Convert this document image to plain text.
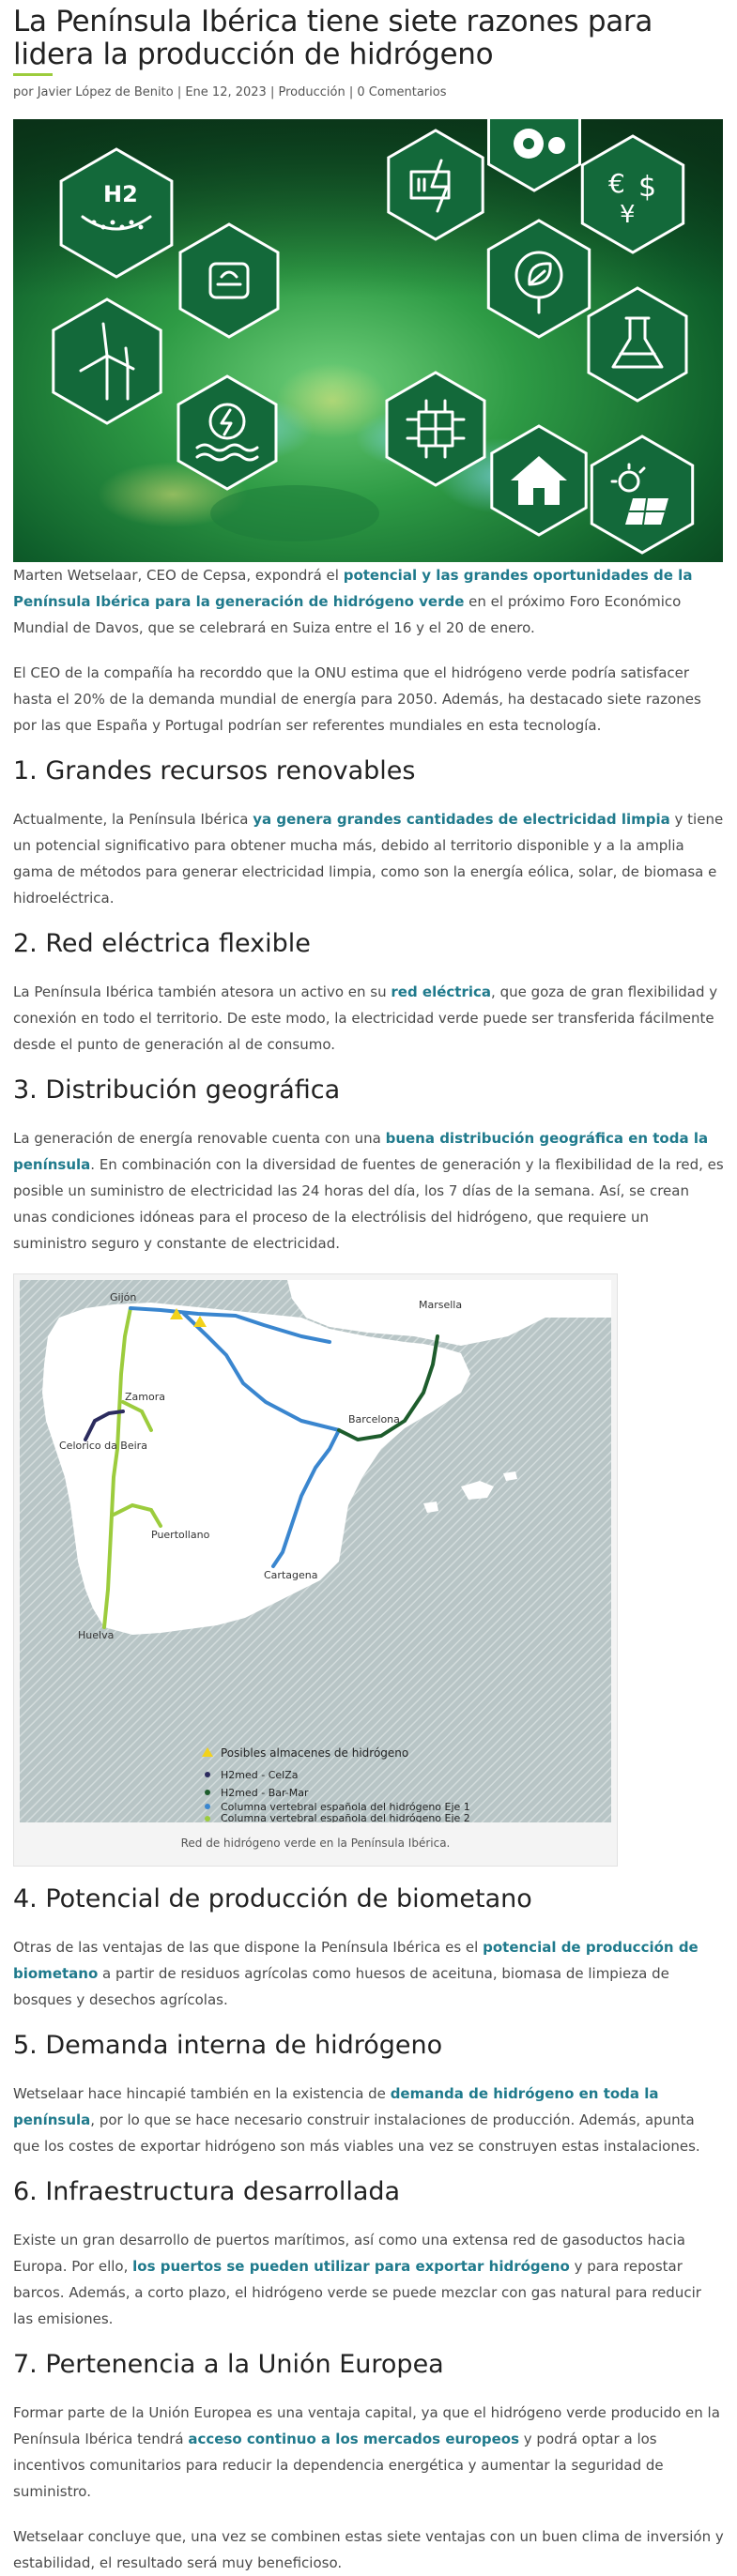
La Península Ibérica tiene siete razones para lidera la producción de hidrógeno
por Javier López de Benito | Ene 12, 2023 | Producción | 0 Comentarios
H2	€ $
¥

Marten Wetselaar, CEO de Cepsa, expondrá el potencial y las grandes oportunidades de la Península Ibérica para la generación de hidrógeno verde en el próximo Foro Económico Mundial de Davos, que se celebrará en Suiza entre el 16 y el 20 de enero.

El CEO de la compañía ha recorddo que la ONU estima que el hidrógeno verde podría satisfacer hasta el 20% de la demanda mundial de energía para 2050. Además, ha destacado siete razones por las que España y Portugal podrían ser referentes mundiales en esta tecnología.

1. Grandes recursos renovables

Actualmente, la Península Ibérica ya genera grandes cantidades de electricidad limpia y tiene un potencial significativo para obtener mucha más, debido al territorio disponible y a la amplia gama de métodos para generar electricidad limpia, como son la energía eólica, solar, de biomasa e hidroeléctrica.

2. Red eléctrica flexible

La Península Ibérica también atesora un activo en su red eléctrica, que goza de gran flexibilidad y conexión en todo el territorio. De este modo, la electricidad verde puede ser transferida fácilmente desde el punto de generación al de consumo.

3. Distribución geográfica

La generación de energía renovable cuenta con una buena distribución geográfica en toda la península. En combinación con la diversidad de fuentes de generación y la flexibilidad de la red, es posible un suministro de electricidad las 24 horas del día, los 7 días de la semana. Así, se crean unas condiciones idóneas para el proceso de la electrólisis del hidrógeno, que requiere un suministro seguro y constante de electricidad.

Gijón
Marsella
Zamora
Celorico da Beira
Barcelona
Puertollano
Cartagena
Huelva
Posibles almacenes de hidrógeno
H2med - CelZa
H2med - Bar-Mar
Columna vertebral española del hidrógeno Eje 1
Columna vertebral española del hidrógeno Eje 2
Red de hidrógeno verde en la Península Ibérica.
4. Potencial de producción de biometano

Otras de las ventajas de las que dispone la Península Ibérica es el potencial de producción de biometano a partir de residuos agrícolas como huesos de aceituna, biomasa de limpieza de bosques y desechos agrícolas.

5. Demanda interna de hidrógeno

Wetselaar hace hincapié también en la existencia de demanda de hidrógeno en toda la península, por lo que se hace necesario construir instalaciones de producción. Además, apunta que los costes de exportar hidrógeno son más viables una vez se construyen estas instalaciones.

6. Infraestructura desarrollada

Existe un gran desarrollo de puertos marítimos, así como una extensa red de gasoductos hacia Europa. Por ello, los puertos se pueden utilizar para exportar hidrógeno y para repostar barcos. Además, a corto plazo, el hidrógeno verde se puede mezclar con gas natural para reducir las emisiones.

7. Pertenencia a la Unión Europea

Formar parte de la Unión Europea es una ventaja capital, ya que el hidrógeno verde producido en la Península Ibérica tendrá acceso continuo a los mercados europeos y podrá optar a los incentivos comunitarios para reducir la dependencia energética y aumentar la seguridad de suministro.

Wetselaar concluye que, una vez se combinen estas siete ventajas con un buen clima de inversión y estabilidad, el resultado será muy beneficioso.
